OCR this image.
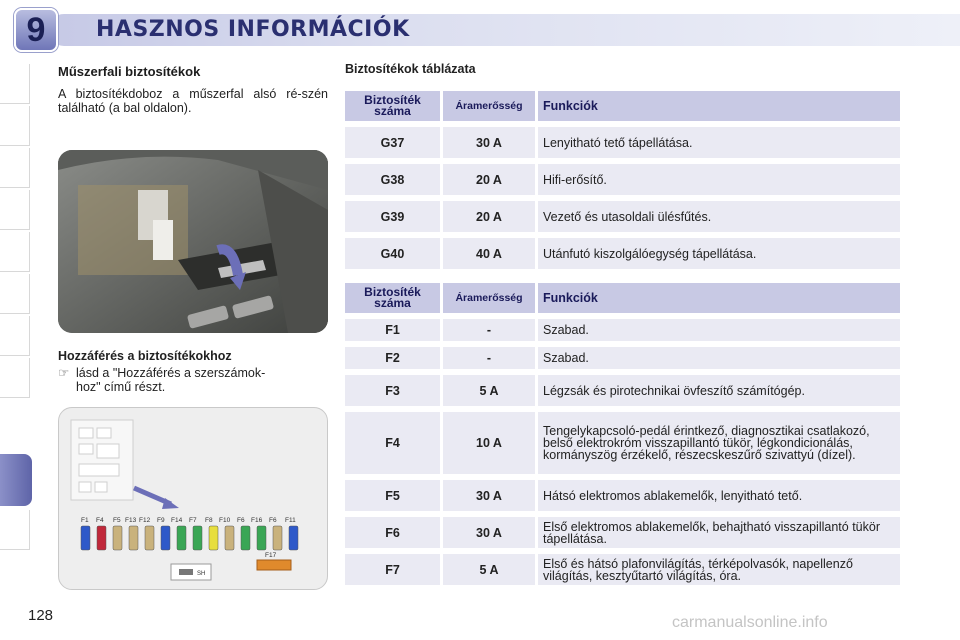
9	HASZNOS INFORMÁCIÓK
Műszerfali biztosítékok
A biztosítékdoboz a műszerfal alsó ré-szén található (a bal oldalon).
Hozzáférés a biztosítékokhoz
☞ lásd a "Hozzáférés a szerszámok-
hoz" című részt.
F1 F4 F5 F13 F12 F9 F14 F7 F8 F10 F6 F16 F6 F11
F17
SH
Biztosítékok táblázata
Biztosíték
száma	Áramerősség	Funkciók
G37	30 A	Lenyitható tető tápellátása.
G38	20 A	Hifi-erősítő.
G39	20 A	Vezető és utasoldali ülésfűtés.
G40	40 A	Utánfutó kiszolgálóegység tápellátása.
Biztosíték
száma	Áramerősség	Funkciók
F1	-	Szabad.
F2	-	Szabad.
F3	5 A	Légzsák és pirotechnikai övfeszítő számítógép.
F4	10 A	Tengelykapcsoló-pedál érintkező, diagnosztikai csatlakozó, belső elektrokróm visszapillantó tükör, légkondicionálás, kormányszög érzékelő, részecskeszűrő szivattyú (dízel).
F5	30 A	Hátsó elektromos ablakemelők, lenyitható tető.
F6	30 A	Első elektromos ablakemelők, behajtható visszapillantó tükör tápellátása.
F7	5 A	Első és hátsó plafonvilágítás, térképolvasók, napellenző világítás, kesztyűtartó világítás, óra.
128	carmanualsonline.info
